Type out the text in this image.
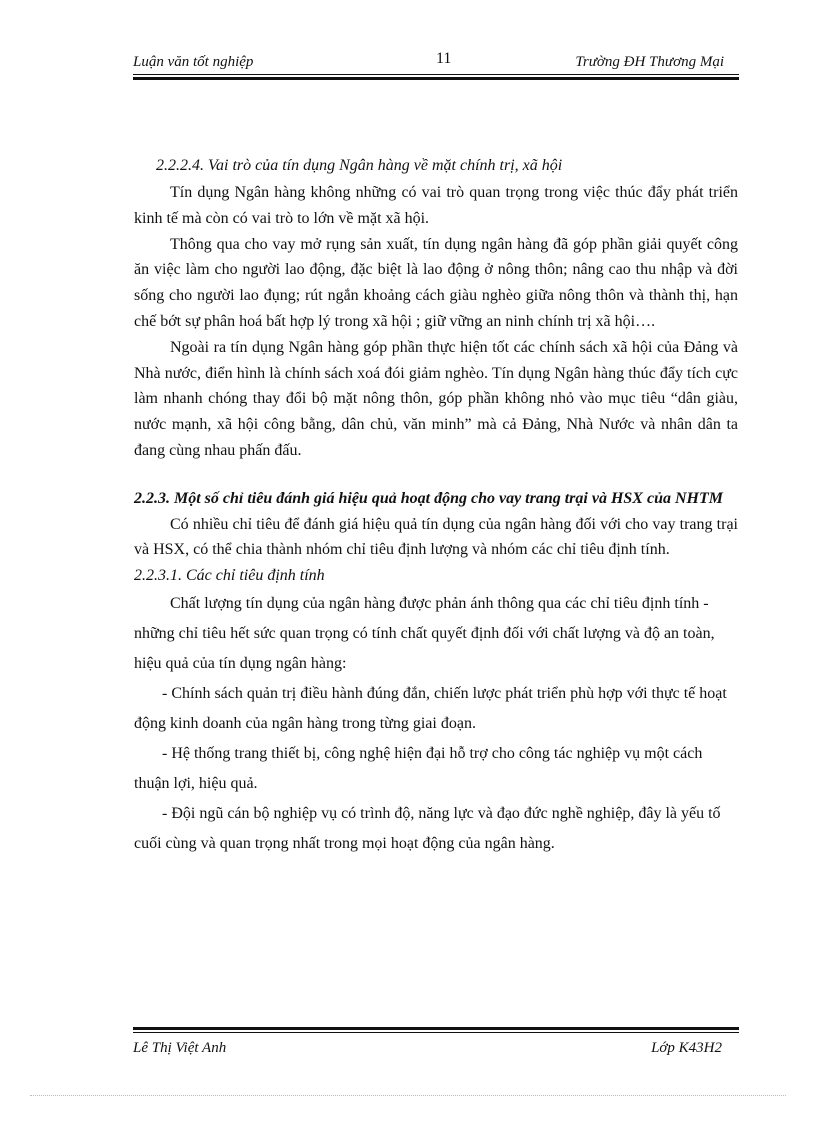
Luận văn tốt nghiệp	11	Trường ĐH Thương Mại

2.2.2.4. Vai trò của tín dụng Ngân hàng về mặt chính trị, xã hội

Tín dụng Ngân hàng không những có vai trò quan trọng trong việc thúc đẩy phát triển kinh tế mà còn có vai trò to lớn về mặt xã hội.

Thông qua cho vay mở rụng sản xuất, tín dụng ngân hàng đã góp phần giải quyết công ăn việc làm cho người lao động, đặc biệt là lao động ở nông thôn; nâng cao thu nhập và đời sống cho người lao đụng; rút ngắn khoảng cách giàu nghèo giữa nông thôn và thành thị, hạn chế bớt sự phân hoá bất hợp lý trong xã hội ; giữ vững an ninh chính trị xã hội….

Ngoài ra tín dụng Ngân hàng góp phần thực hiện tốt các chính sách xã hội của Đảng và Nhà nước, điển hình là chính sách xoá đói giảm nghèo. Tín dụng Ngân hàng thúc đẩy tích cực làm nhanh chóng thay đổi bộ mặt nông thôn, góp phần không nhỏ vào mục tiêu “dân giàu, nước mạnh, xã hội công bằng, dân chủ, văn minh” mà cả Đảng, Nhà Nước và nhân dân ta đang cùng nhau phấn đấu.

2.2.3. Một số chỉ tiêu đánh giá hiệu quả hoạt động cho vay trang trại và HSX của NHTM

Có nhiều chỉ tiêu để đánh giá hiệu quả tín dụng của ngân hàng đối với cho vay trang trại và HSX, có thể chia thành nhóm chỉ tiêu định lượng và nhóm các chỉ tiêu định tính.

2.2.3.1. Các chỉ tiêu định tính

Chất lượng tín dụng của ngân hàng được phản ánh thông qua các chỉ tiêu định tính - những chỉ tiêu hết sức quan trọng có tính chất quyết định đối với chất lượng và độ an toàn, hiệu quả của tín dụng ngân hàng:

- Chính sách quản trị điều hành đúng đắn, chiến lược phát triển phù hợp với thực tế hoạt động kinh doanh của ngân hàng trong từng giai đoạn.

- Hệ thống trang thiết bị, công nghệ hiện đại hỗ trợ cho công tác nghiệp vụ một cách thuận lợi, hiệu quả.

- Đội ngũ cán bộ nghiệp vụ có trình độ, năng lực và đạo đức nghề nghiệp, đây là yếu tố cuối cùng và quan trọng nhất trong mọi hoạt động của ngân hàng.

Lê Thị Việt Anh	Lớp K43H2
